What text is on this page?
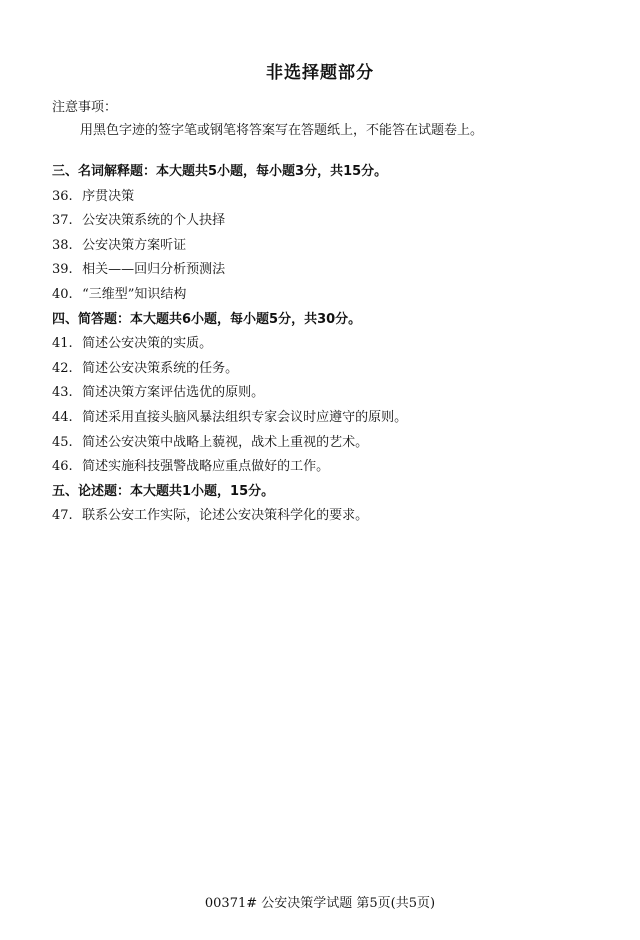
非选择题部分
注意事项：
用黑色字迹的签字笔或钢笔将答案写在答题纸上，不能答在试题卷上。
三、名词解释题：本大题共5小题，每小题3分，共15分。
36. 序贯决策
37. 公安决策系统的个人抉择
38. 公安决策方案听证
39. 相关——回归分析预测法
40. “三维型”知识结构
四、简答题：本大题共6小题，每小题5分，共30分。
41. 简述公安决策的实质。
42. 简述公安决策系统的任务。
43. 简述决策方案评估选优的原则。
44. 简述采用直接头脑风暴法组织专家会议时应遵守的原则。
45. 简述公安决策中战略上藐视，战术上重视的艺术。
46. 简述实施科技强警战略应重点做好的工作。
五、论述题：本大题共1小题，15分。
47. 联系公安工作实际，论述公安决策科学化的要求。
00371# 公安决策学试题 第5页(共5页)
